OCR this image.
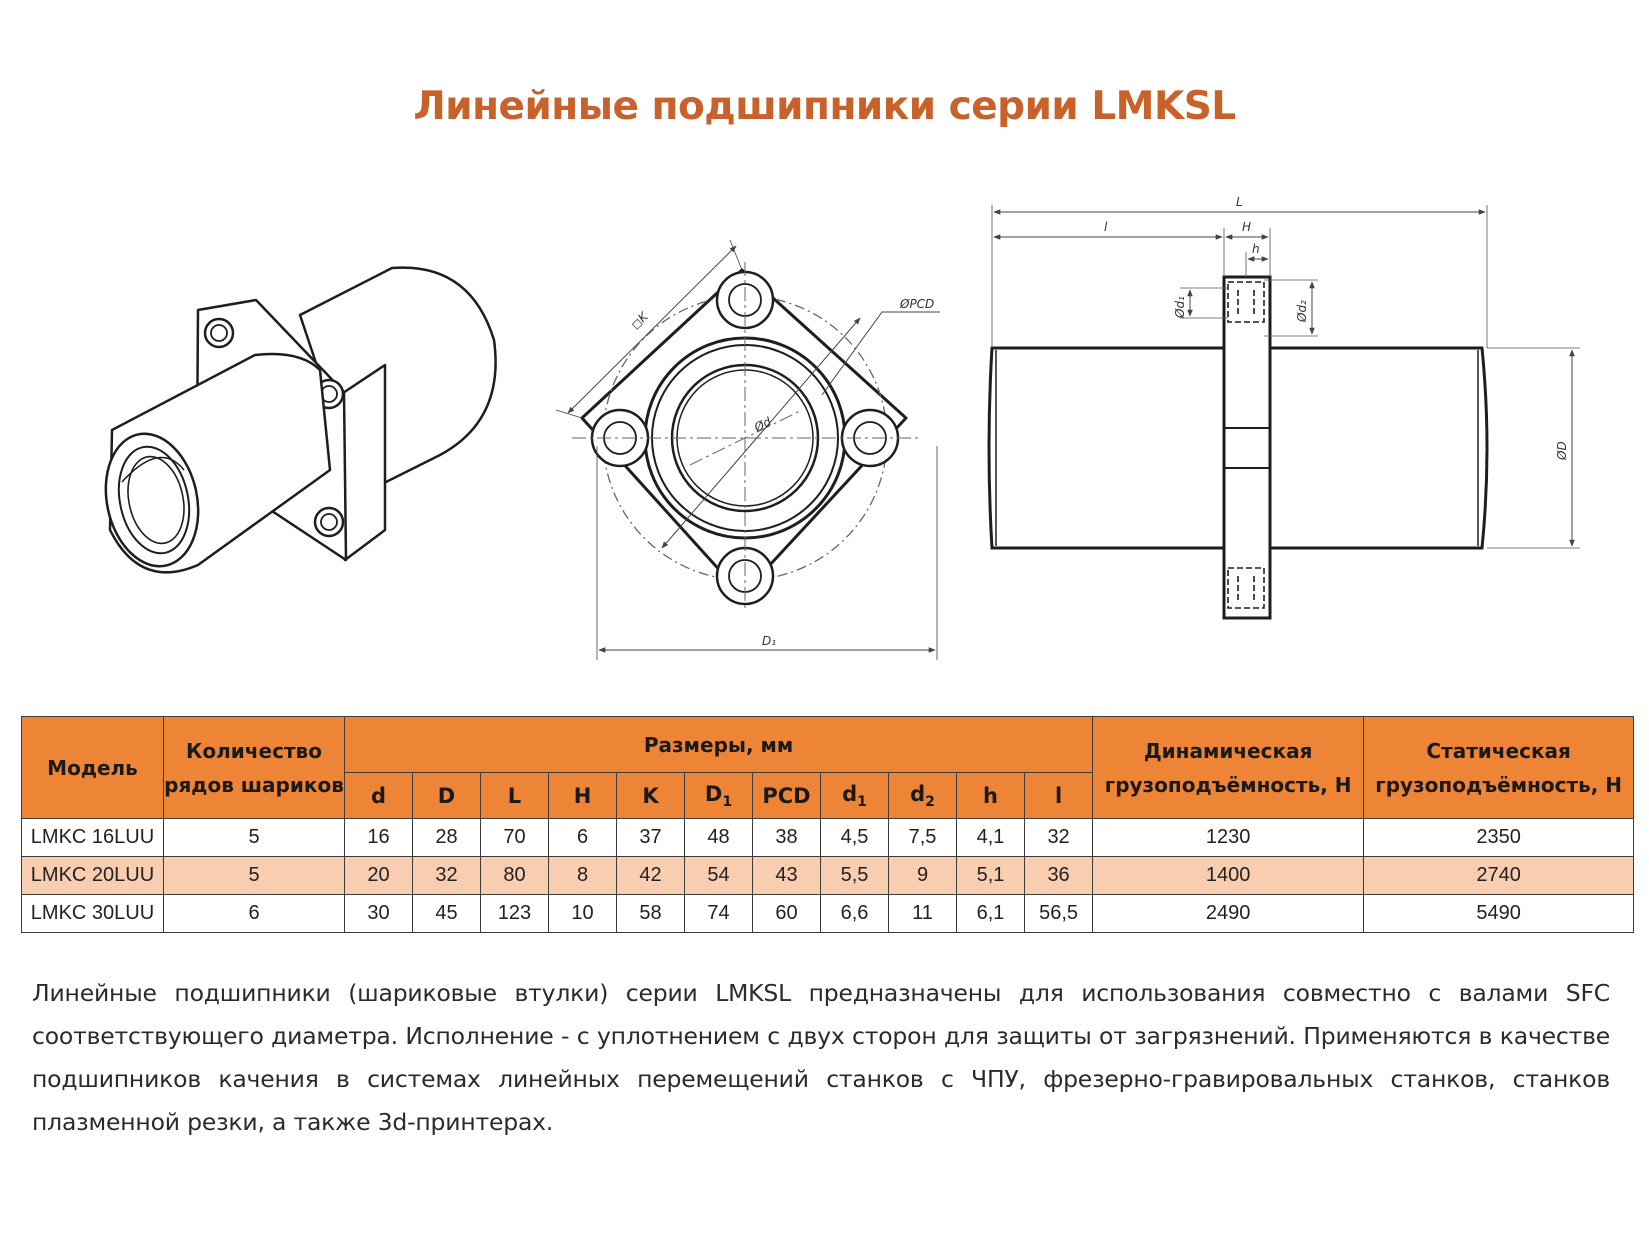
Линейные подшипники серии LMKSL
◻K
ØPCD
Ød
D₁
L
l	H
h
Ød₁	Ød₂
ØD
Модель	Количество рядов шариков	Размеры, мм											Динамическая грузоподъёмность, Н	Статическая грузоподъёмность, Н
		d	D	L	H	K	$D_1$	PCD	$d_1$	$d_2$	h	l		
LMKC 16LUU	5	16	28	70	6	37	48	38	4,5	7,5	4,1	32	1230	2350
LMKC 20LUU	5	20	32	80	8	42	54	43	5,5	9	5,1	36	1400	2740
LMKC 30LUU	6	30	45	123	10	58	74	60	6,6	11	6,1	56,5	2490	5490

Линейные подшипники (шариковые втулки) серии LMKSL предназначены для использования совместно с валами SFC соответствующего диаметра. Исполнение - с уплотнением с двух сторон для защиты от загрязнений. Применяются в качестве подшипников качения в системах линейных перемещений станков с ЧПУ, фрезерно-гравировальных станков, станков плазменной резки, а также 3d-принтерах.
